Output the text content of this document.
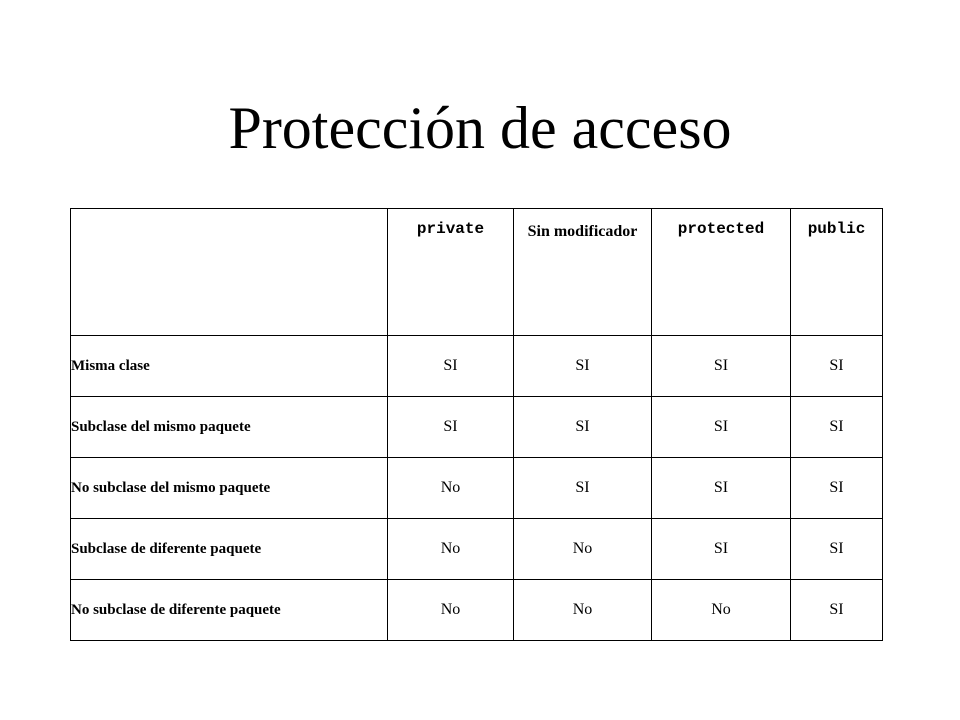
Protección de acceso

	private	Sin modificador	protected	public

Misma clase	SI	SI	SI	SI
Subclase del mismo paquete	SI	SI	SI	SI
No subclase del mismo paquete	No	SI	SI	SI
Subclase de diferente paquete	No	No	SI	SI
No subclase de diferente paquete	No	No	No	SI
